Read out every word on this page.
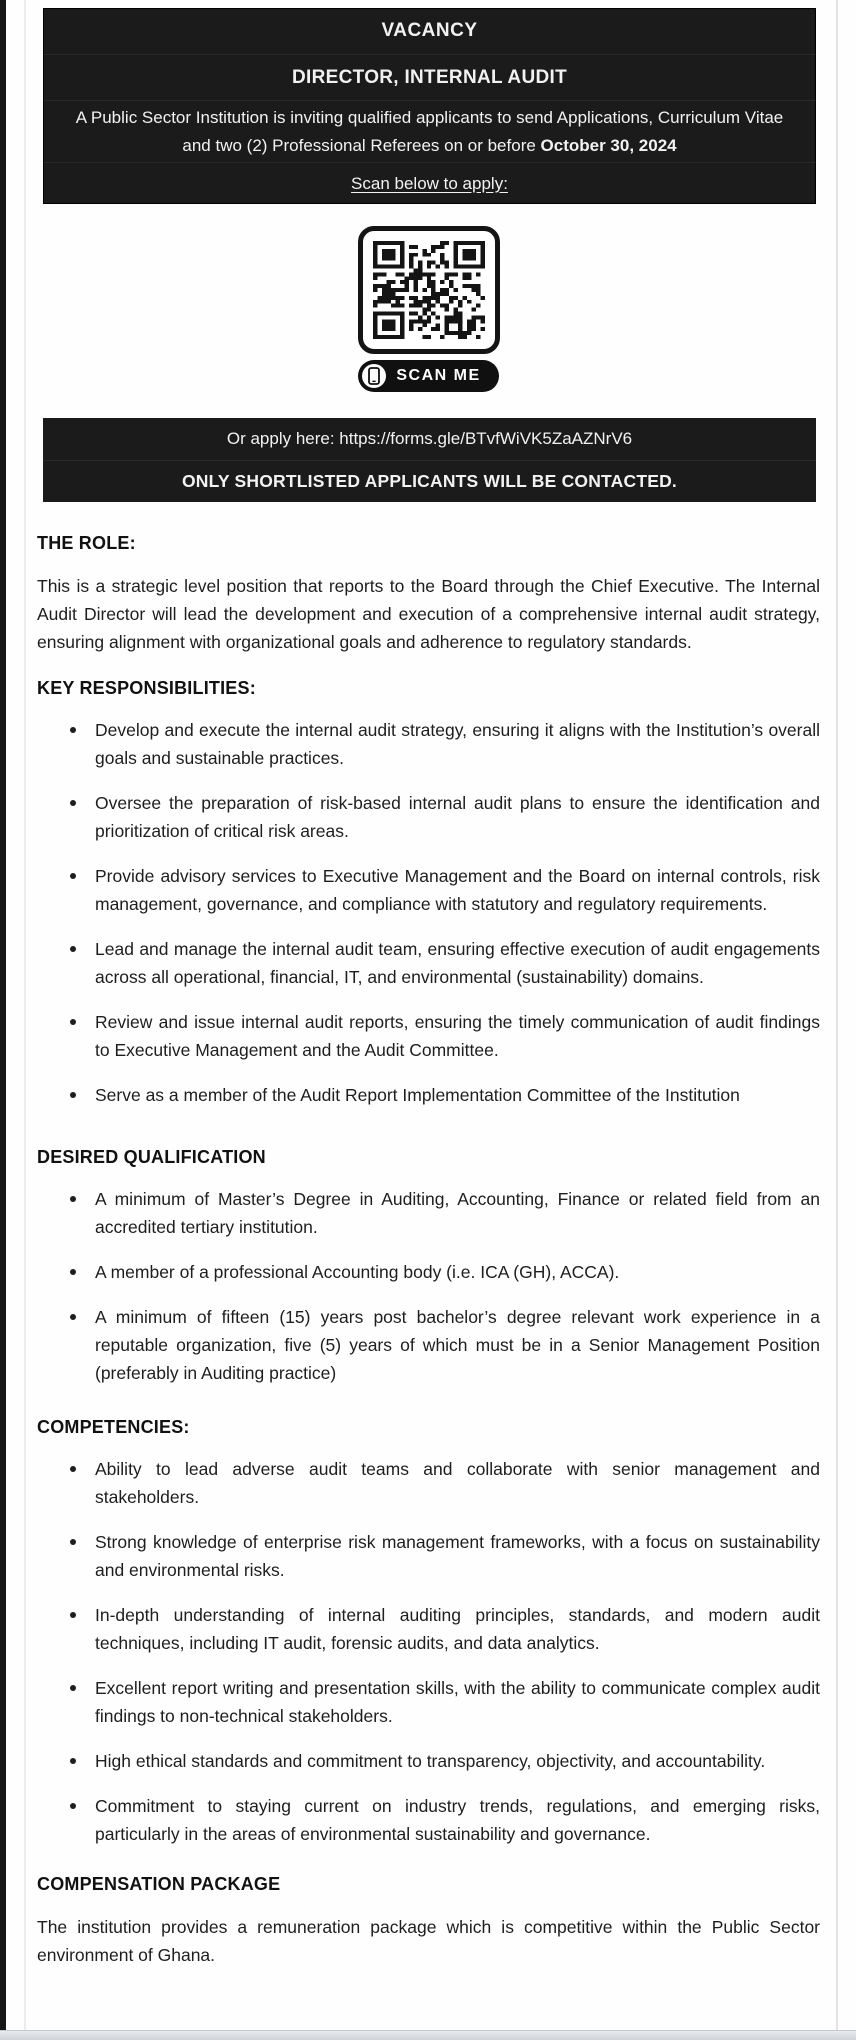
VACANCY
DIRECTOR, INTERNAL AUDIT
A Public Sector Institution is inviting qualified applicants to send Applications, Curriculum Vitae
and two (2) Professional Referees on or before October 30, 2024
Scan below to apply:
SCAN ME
Or apply here: https://forms.gle/BTvfWiVK5ZaAZNrV6
ONLY SHORTLISTED APPLICANTS WILL BE CONTACTED.
THE ROLE:
This is a strategic level position that reports to the Board through the Chief Executive. The Internal Audit Director will lead the development and execution of a comprehensive internal audit strategy, ensuring alignment with organizational goals and adherence to regulatory standards.
KEY RESPONSIBILITIES:
Develop and execute the internal audit strategy, ensuring it aligns with the Institution’s overall goals and sustainable practices.
Oversee the preparation of risk-based internal audit plans to ensure the identification and prioritization of critical risk areas.
Provide advisory services to Executive Management and the Board on internal controls, risk management, governance, and compliance with statutory and regulatory requirements.
Lead and manage the internal audit team, ensuring effective execution of audit engagements across all operational, financial, IT, and environmental (sustainability) domains.
Review and issue internal audit reports, ensuring the timely communication of audit findings to Executive Management and the Audit Committee.
Serve as a member of the Audit Report Implementation Committee of the Institution
DESIRED QUALIFICATION
A minimum of Master’s Degree in Auditing, Accounting, Finance or related field from an accredited tertiary institution.
A member of a professional Accounting body (i.e. ICA (GH), ACCA).
A minimum of fifteen (15) years post bachelor’s degree relevant work experience in a reputable organization, five (5) years of which must be in a Senior Management Position (preferably in Auditing practice)
COMPETENCIES:
Ability to lead adverse audit teams and collaborate with senior management and stakeholders.
Strong knowledge of enterprise risk management frameworks, with a focus on sustainability and environmental risks.
In-depth understanding of internal auditing principles, standards, and modern audit techniques, including IT audit, forensic audits, and data analytics.
Excellent report writing and presentation skills, with the ability to communicate complex audit findings to non-technical stakeholders.
High ethical standards and commitment to transparency, objectivity, and accountability.
Commitment to staying current on industry trends, regulations, and emerging risks, particularly in the areas of environmental sustainability and governance.
COMPENSATION PACKAGE
The institution provides a remuneration package which is competitive within the Public Sector environment of Ghana.
